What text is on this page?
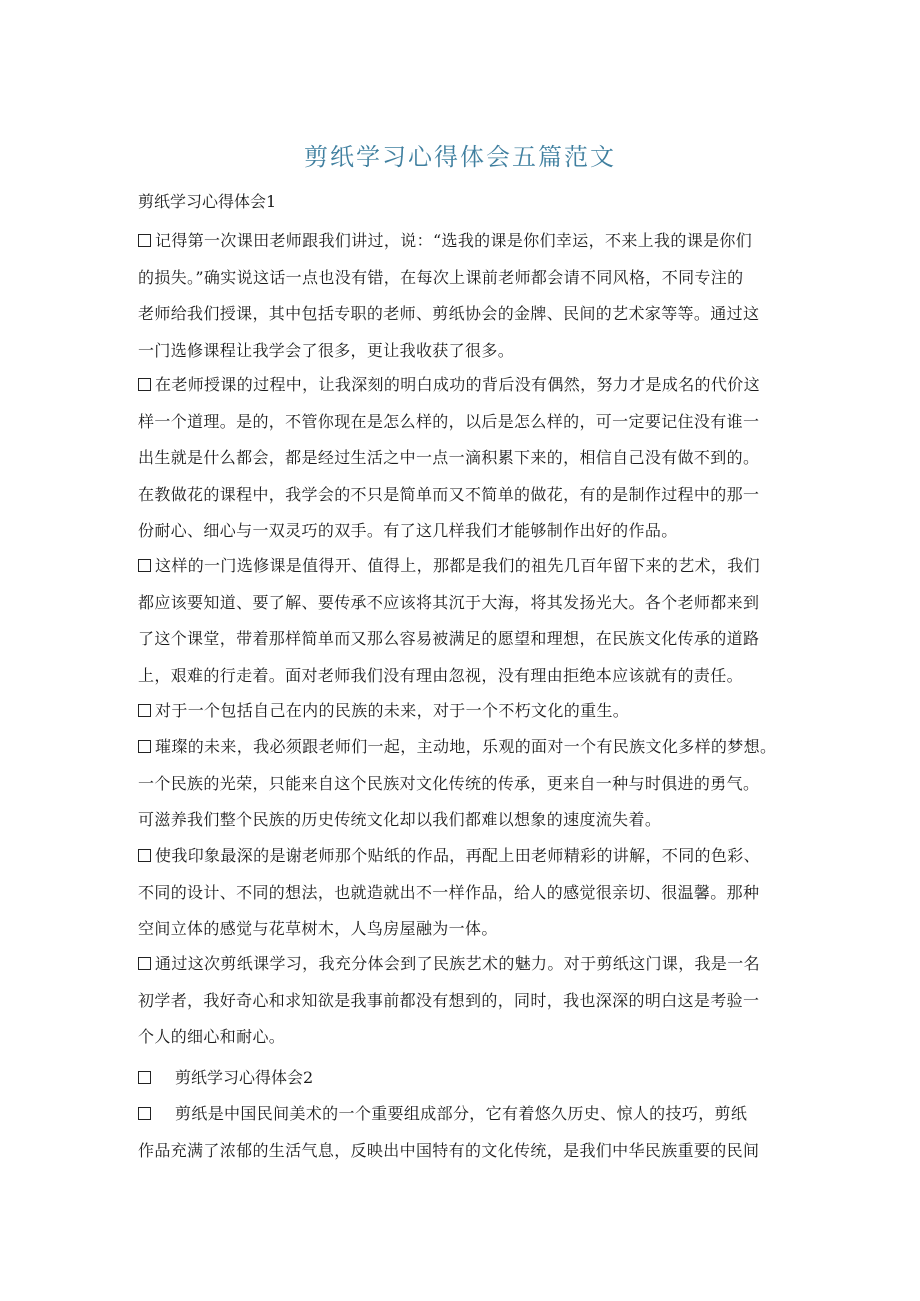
剪纸学习心得体会五篇范文
剪纸学习心得体会1
记得第一次课田老师跟我们讲过，说：“选我的课是你们幸运，不来上我的课是你们
的损失。”确实说这话一点也没有错，在每次上课前老师都会请不同风格，不同专注的
老师给我们授课，其中包括专职的老师、剪纸协会的金牌、民间的艺术家等等。通过这
一门选修课程让我学会了很多，更让我收获了很多。
在老师授课的过程中，让我深刻的明白成功的背后没有偶然，努力才是成名的代价这
样一个道理。是的，不管你现在是怎么样的，以后是怎么样的，可一定要记住没有谁一
出生就是什么都会，都是经过生活之中一点一滴积累下来的，相信自己没有做不到的。
在教做花的课程中，我学会的不只是简单而又不简单的做花，有的是制作过程中的那一
份耐心、细心与一双灵巧的双手。有了这几样我们才能够制作出好的作品。
这样的一门选修课是值得开、值得上，那都是我们的祖先几百年留下来的艺术，我们
都应该要知道、要了解、要传承不应该将其沉于大海，将其发扬光大。各个老师都来到
了这个课堂，带着那样简单而又那么容易被满足的愿望和理想，在民族文化传承的道路
上，艰难的行走着。面对老师我们没有理由忽视，没有理由拒绝本应该就有的责任。
对于一个包括自己在内的民族的未来，对于一个不朽文化的重生。
璀璨的未来，我必须跟老师们一起，主动地，乐观的面对一个有民族文化多样的梦想。
一个民族的光荣，只能来自这个民族对文化传统的传承，更来自一种与时俱进的勇气。
可滋养我们整个民族的历史传统文化却以我们都难以想象的速度流失着。
使我印象最深的是谢老师那个贴纸的作品，再配上田老师精彩的讲解，不同的色彩、
不同的设计、不同的想法，也就造就出不一样作品，给人的感觉很亲切、很温馨。那种
空间立体的感觉与花草树木，人鸟房屋融为一体。
通过这次剪纸课学习，我充分体会到了民族艺术的魅力。对于剪纸这门课，我是一名
初学者，我好奇心和求知欲是我事前都没有想到的，同时，我也深深的明白这是考验一
个人的细心和耐心。
剪纸学习心得体会2
剪纸是中国民间美术的一个重要组成部分，它有着悠久历史、惊人的技巧，剪纸
作品充满了浓郁的生活气息，反映出中国特有的文化传统，是我们中华民族重要的民间
